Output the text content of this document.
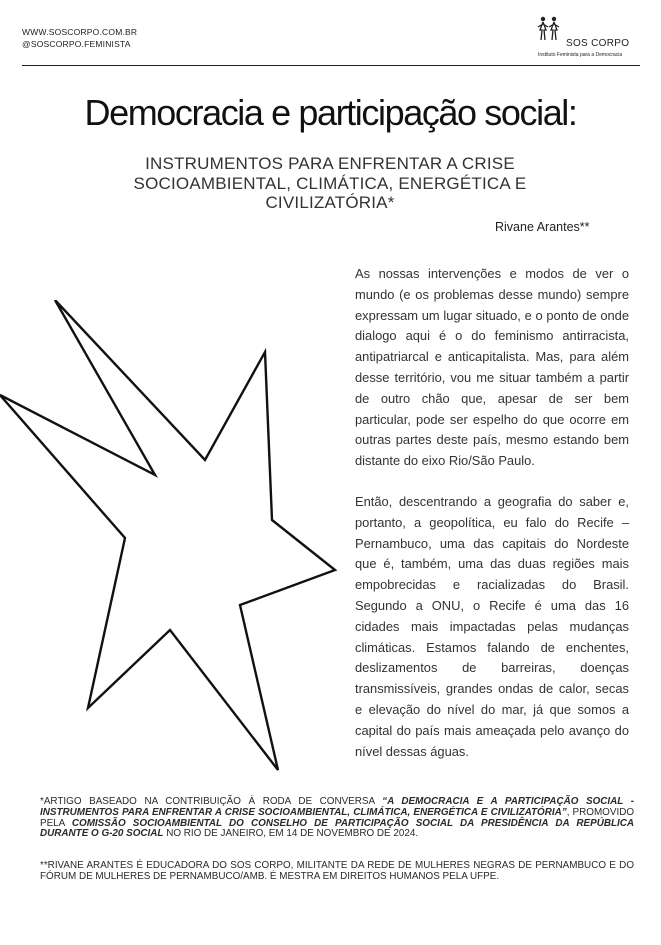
WWW.SOSCORPO.COM.BR
@SOSCORPO.FEMINISTA	SOS CORPO
Instituto Feminista para a Democracia
Democracia e participação social:
INSTRUMENTOS PARA ENFRENTAR A CRISE SOCIOAMBIENTAL, CLIMÁTICA, ENERGÉTICA E CIVILIZATÓRIA*
Rivane Arantes**

As nossas intervenções e modos de ver o mundo (e os problemas desse mundo) sempre expressam um lugar situado, e o ponto de onde dialogo aqui é o do feminismo antirracista, antipatriarcal e anticapitalista. Mas, para além desse território, vou me situar também a partir de outro chão que, apesar de ser bem particular, pode ser espelho do que ocorre em outras partes deste país, mesmo estando bem distante do eixo Rio/São Paulo.

Então, descentrando a geografia do saber e, portanto, a geopolítica, eu falo do Recife – Pernambuco, uma das capitais do Nordeste que é, também, uma das duas regiões mais empobrecidas e racializadas do Brasil. Segundo a ONU, o Recife é uma das 16 cidades mais impactadas pelas mudanças climáticas. Estamos falando de enchentes, deslizamentos de barreiras, doenças transmissíveis, grandes ondas de calor, secas e elevação do nível do mar, já que somos a capital do país mais ameaçada pelo avanço do nível dessas águas.

*ARTIGO BASEADO NA CONTRIBUIÇÃO À RODA DE CONVERSA “A DEMOCRACIA E A PARTICIPAÇÃO SOCIAL - INSTRUMENTOS PARA ENFRENTAR A CRISE SOCIOAMBIENTAL, CLIMÁTICA, ENERGÉTICA E CIVILIZATÓRIA”, PROMOVIDO PELA COMISSÃO SOCIOAMBIENTAL DO CONSELHO DE PARTICIPAÇÃO SOCIAL DA PRESIDÊNCIA DA REPÚBLICA DURANTE O G-20 SOCIAL NO RIO DE JANEIRO, EM 14 DE NOVEMBRO DE 2024.
**RIVANE ARANTES É EDUCADORA DO SOS CORPO, MILITANTE DA REDE DE MULHERES NEGRAS DE PERNAMBUCO E DO FÓRUM DE MULHERES DE PERNAMBUCO/AMB. É MESTRA EM DIREITOS HUMANOS PELA UFPE.
